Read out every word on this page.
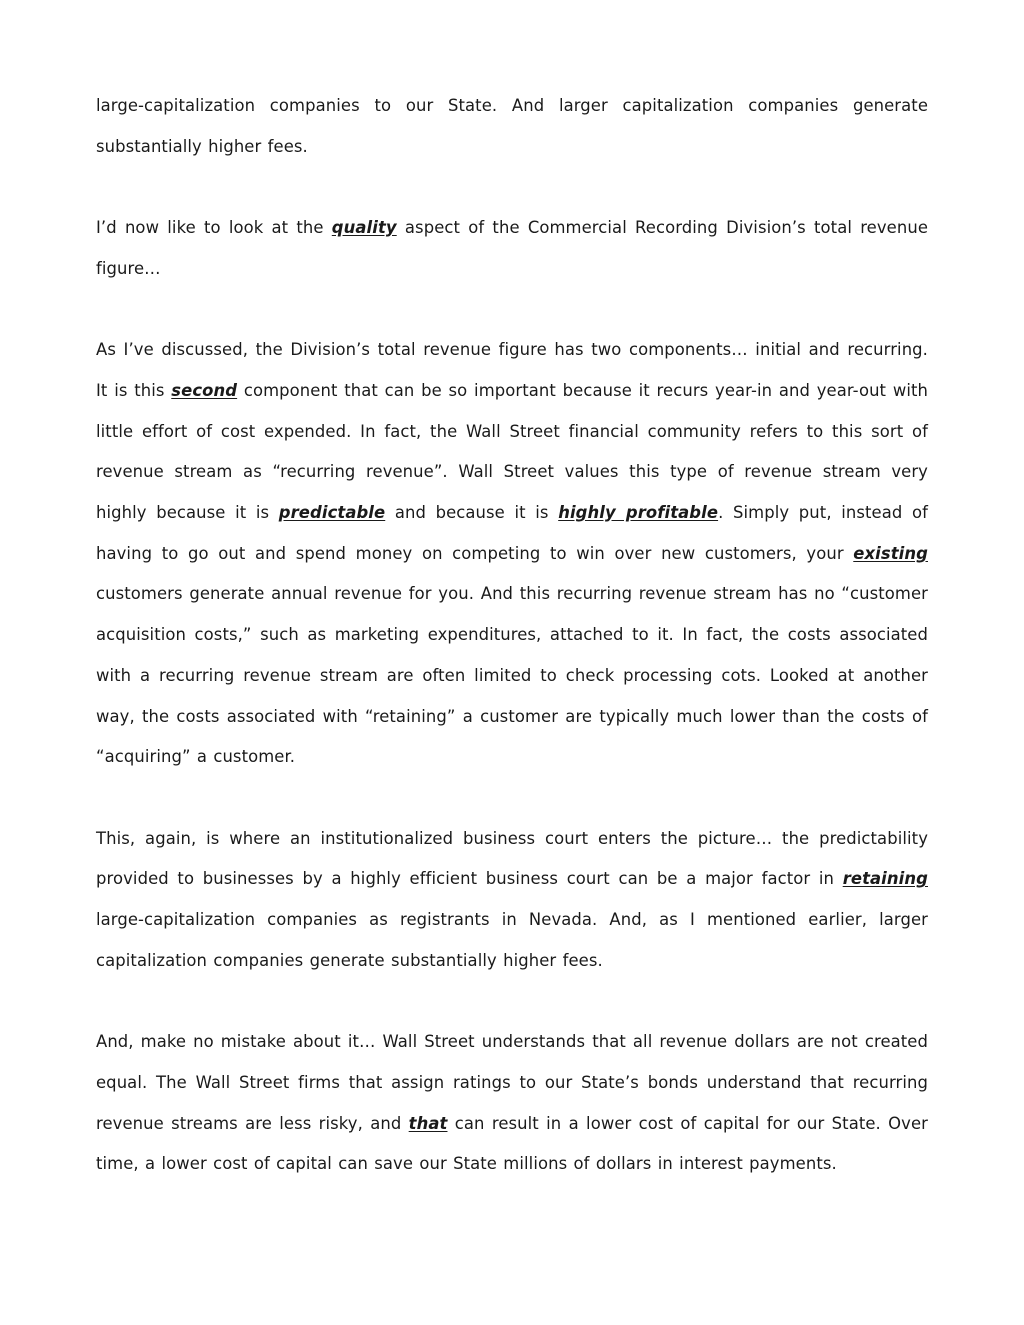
large-capitalization companies to our State. And larger capitalization companies generate substantially higher fees.

I’d now like to look at the quality aspect of the Commercial Recording Division’s total revenue figure…

As I’ve discussed, the Division’s total revenue figure has two components… initial and recurring. It is this second component that can be so important because it recurs year-in and year-out with little effort of cost expended. In fact, the Wall Street financial community refers to this sort of revenue stream as “recurring revenue”. Wall Street values this type of revenue stream very highly because it is predictable and because it is highly profitable. Simply put, instead of having to go out and spend money on competing to win over new customers, your existing customers generate annual revenue for you. And this recurring revenue stream has no “customer acquisition costs,” such as marketing expenditures, attached to it. In fact, the costs associated with a recurring revenue stream are often limited to check processing cots. Looked at another way, the costs associated with “retaining” a customer are typically much lower than the costs of “acquiring” a customer.

This, again, is where an institutionalized business court enters the picture… the predictability provided to businesses by a highly efficient business court can be a major factor in retaining large-capitalization companies as registrants in Nevada. And, as I mentioned earlier, larger capitalization companies generate substantially higher fees.

And, make no mistake about it… Wall Street understands that all revenue dollars are not created equal. The Wall Street firms that assign ratings to our State’s bonds understand that recurring revenue streams are less risky, and that can result in a lower cost of capital for our State. Over time, a lower cost of capital can save our State millions of dollars in interest payments.
